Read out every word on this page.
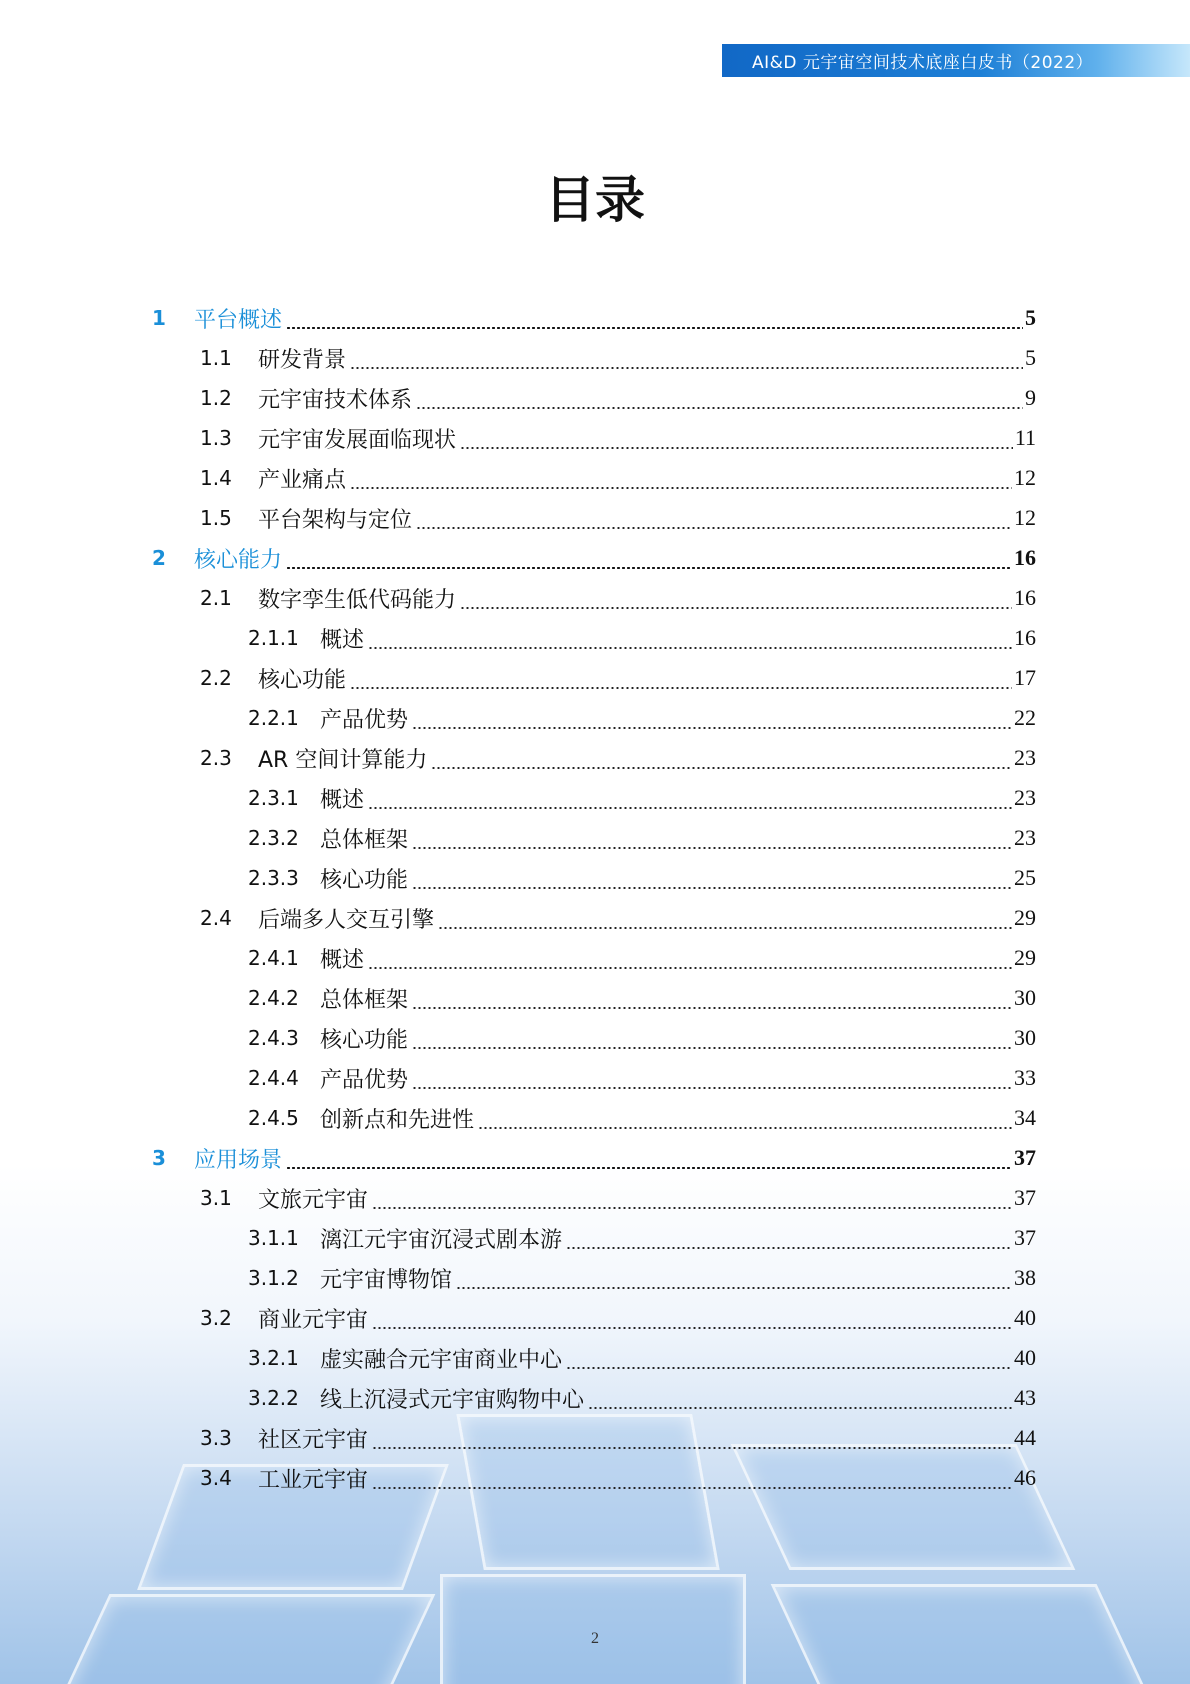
AI&D 元宇宙空间技术底座白皮书（2022）
目录
1 平台概述	5
1.1 研发背景	5
1.2 元宇宙技术体系	9
1.3 元宇宙发展面临现状	11
1.4 产业痛点	12
1.5 平台架构与定位	12
2 核心能力	16
2.1 数字孪生低代码能力	16
2.1.1 概述	16
2.2 核心功能	17
2.2.1 产品优势	22
2.3 AR 空间计算能力	23
2.3.1 概述	23
2.3.2 总体框架	23
2.3.3 核心功能	25
2.4 后端多人交互引擎	29
2.4.1 概述	29
2.4.2 总体框架	30
2.4.3 核心功能	30
2.4.4 产品优势	33
2.4.5 创新点和先进性	34
3 应用场景	37
3.1 文旅元宇宙	37
3.1.1 漓江元宇宙沉浸式剧本游	37
3.1.2 元宇宙博物馆	38
3.2 商业元宇宙	40
3.2.1 虚实融合元宇宙商业中心	40
3.2.2 线上沉浸式元宇宙购物中心	43
3.3 社区元宇宙	44
3.4 工业元宇宙	46
2
